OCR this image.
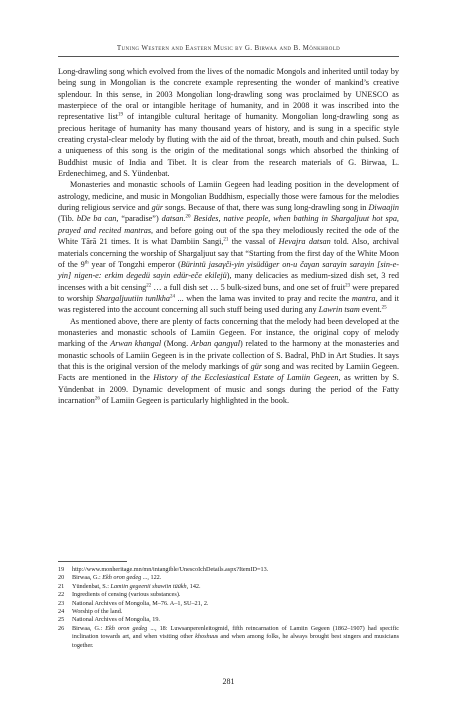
Tuning Western and Eastern Music by G. Birwaa and B. Mönkhbold

Long-drawling song which evolved from the lives of the nomadic Mongols and inherited until today by being sung in Mongolian is the concrete example representing the wonder of mankind’s creative splendour. In this sense, in 2003 Mongolian long-drawling song was proclaimed by UNESCO as masterpiece of the oral or intangible heritage of humanity, and in 2008 it was inscribed into the representative list$^{19}$ of intangible cultural heritage of humanity. Mongolian long-drawling song as precious heritage of humanity has many thousand years of history, and is sung in a specific style creating crystal-clear melody by fluting with the aid of the throat, breath, mouth and chin pulsed. Such a uniqueness of this song is the origin of the meditational songs which absorbed the thinking of Buddhist music of India and Tibet. It is clear from the research materials of G. Birwaa, L. Erdenechimeg, and S. Yündenbat.

Monasteries and monastic schools of Lamiin Gegeen had leading position in the development of astrology, medicine, and music in Mongolian Buddhism, especially those were famous for the melodies during religious service and gür songs. Because of that, there was sung long-drawling song in Diwaajin (Tib. bDe ba can, “paradise”) datsan.$^{20}$ Besides, native people, when bathing in Shargaljuut hot spa, prayed and recited mantras, and before going out of the spa they melodiously recited the ode of the White Tārā 21 times. It is what Dambiin Sangi,$^{21}$ the vassal of Hevajra datsan told. Also, archival materials concerning the worship of Shargaljuut say that “Starting from the first day of the White Moon of the 9th year of Tongzhi emperor (Bürintü jasaγči-yin yisüdüger on-u čaγan sarayin sarayin [sin-e-yin] nigen-e: erkim degedü sayin edür-eče ekilejü), many delicacies as medium-sized dish set, 3 red incenses with a bit censing$^{22}$ … a full dish set … 5 bulk-sized buns, and one set of fruit$^{23}$ were prepared to worship Shargaljuutiin tunlkha$^{24}$ ... when the lama was invited to pray and recite the mantra, and it was registered into the account concerning all such stuff being used during any Lawrin tsam event.$^{25}$

As mentioned above, there are plenty of facts concerning that the melody had been developed at the monasteries and monastic schools of Lamiin Gegeen. For instance, the original copy of melody marking of the Arwan khangal (Mong. Arban qangγal) related to the harmony at the monasteries and monastic schools of Lamiin Gegeen is in the private collection of S. Badral, PhD in Art Studies. It says that this is the original version of the melody markings of gür song and was recited by Lamiin Gegeen. Facts are mentioned in the History of the Ecclesiastical Estate of Lamiin Gegeen, as written by S. Yündenbat in 2009. Dynamic development of music and songs during the period of the Fatty incarnation$^{26}$ of Lamiin Gegeen is particularly highlighted in the book.

19	http://www.monheritage.mn/mn/intangible/UnescoIchDetails.aspx?ItemID=13.
20	Birwaa, G.: Ekh oron gedeg ..., 122.
21	Yündenbat, S.: Lamiin gegeenii shawiin tüükh, 142.
22	Ingredients of censing (various substances).
23	National Archives of Mongolia, M–76. A–1, SU–21, 2.
24	Worship of the land.
25	National Archives of Mongolia, 19.
26	Birwaa, G.: Ekh oron gedeg ..., 18: Luwsanperenleitogmid, fifth reincarnation of Lamiin Gegeen (1862–1907) had specific inclination towards art, and when visiting other khoshuus and when among folks, he always brought best singers and musicians together.
281
